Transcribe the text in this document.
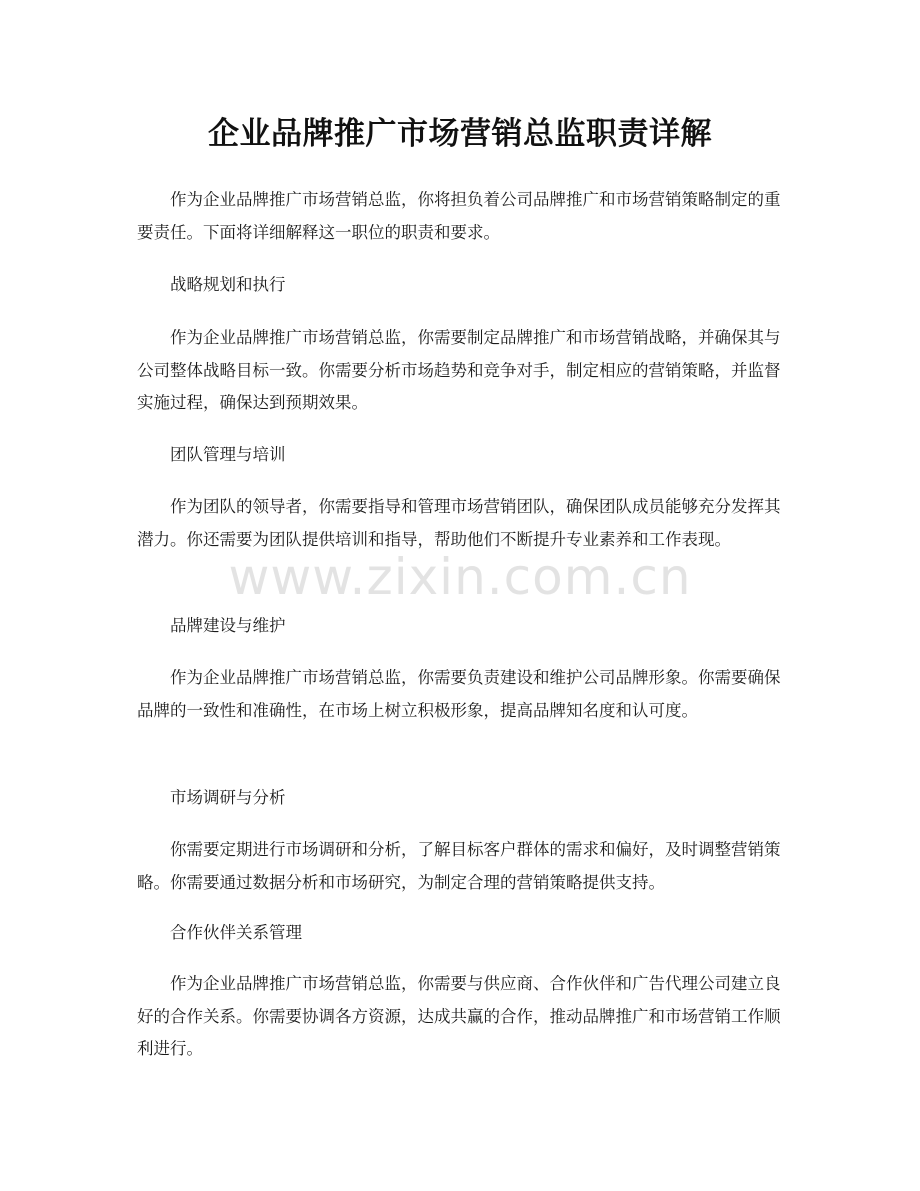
企业品牌推广市场营销总监职责详解

作为企业品牌推广市场营销总监，你将担负着公司品牌推广和市场营销策略制定的重要责任。下面将详细解释这一职位的职责和要求。

战略规划和执行

作为企业品牌推广市场营销总监，你需要制定品牌推广和市场营销战略，并确保其与公司整体战略目标一致。你需要分析市场趋势和竞争对手，制定相应的营销策略，并监督实施过程，确保达到预期效果。

团队管理与培训

作为团队的领导者，你需要指导和管理市场营销团队，确保团队成员能够充分发挥其潜力。你还需要为团队提供培训和指导，帮助他们不断提升专业素养和工作表现。

品牌建设与维护

作为企业品牌推广市场营销总监，你需要负责建设和维护公司品牌形象。你需要确保品牌的一致性和准确性，在市场上树立积极形象，提高品牌知名度和认可度。

市场调研与分析

你需要定期进行市场调研和分析，了解目标客户群体的需求和偏好，及时调整营销策略。你需要通过数据分析和市场研究，为制定合理的营销策略提供支持。

合作伙伴关系管理

作为企业品牌推广市场营销总监，你需要与供应商、合作伙伴和广告代理公司建立良好的合作关系。你需要协调各方资源，达成共赢的合作，推动品牌推广和市场营销工作顺利进行。

www.zixin.com.cn
